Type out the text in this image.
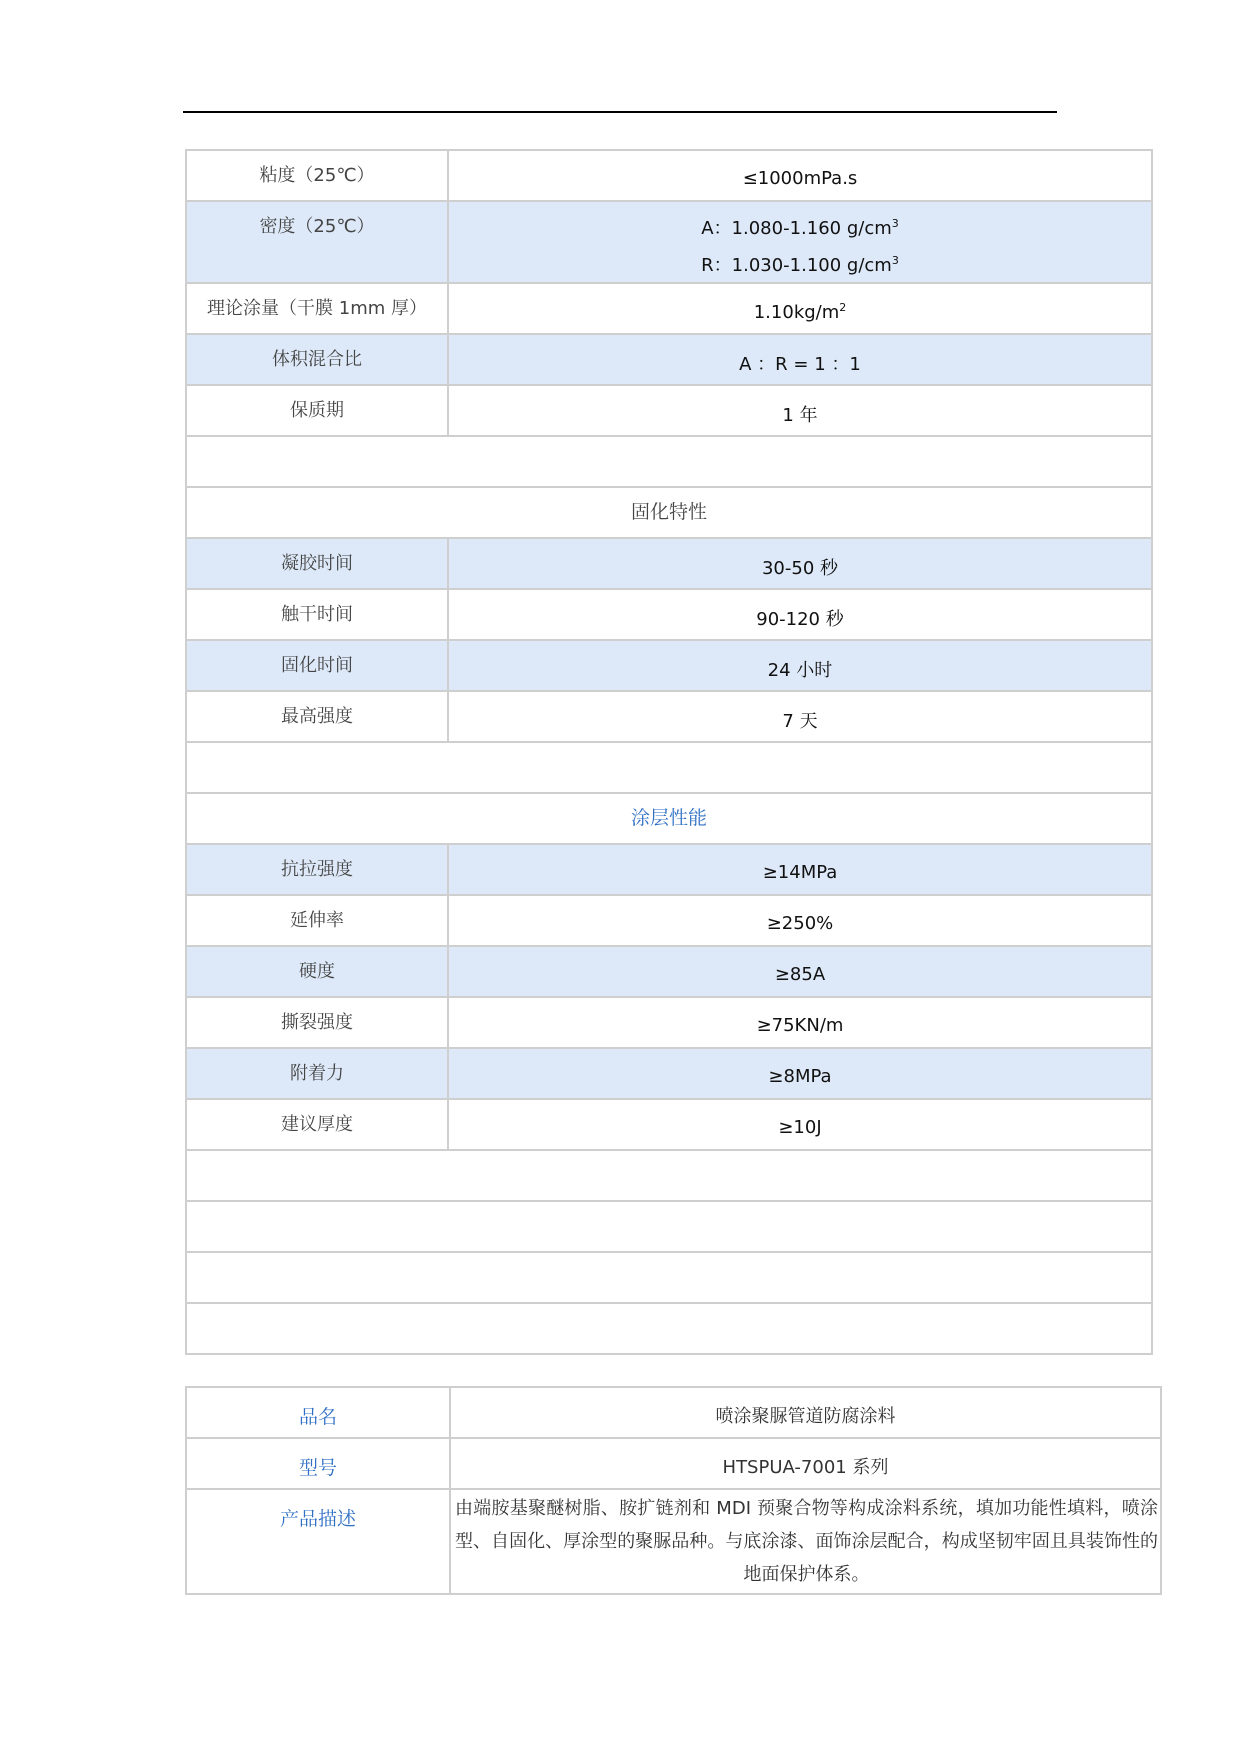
粘度（25℃）	≤1000mPa.s
密度（25℃）	A：1.080-1.160 $g/cm^3$
R：1.030-1.100 $g/cm^3$

理论涂量（干膜 1mm 厚）	$1.10kg/m^2$
体积混合比	A ：R = 1 ：1
保质期	1 年

固化特性	
凝胶时间	30-50 秒
触干时间	90-120 秒
固化时间	24 小时
最高强度	7 天

涂层性能	
抗拉强度	≥14MPa
延伸率	≥250%
硬度	≥85A
撕裂强度	≥75KN/m
附着力	≥8MPa
建议厚度	≥10J

品名	喷涂聚脲管道防腐涂料
型号	HTSPUA-7001 系列
产品描述	由端胺基聚醚树脂、胺扩链剂和 MDI 预聚合物等构成涂料系统，填加功能性填料，喷涂型、自固化、厚涂型的聚脲品种。与底涂漆、面饰涂层配合，构成坚韧牢固且具装饰性的地面保护体系。
